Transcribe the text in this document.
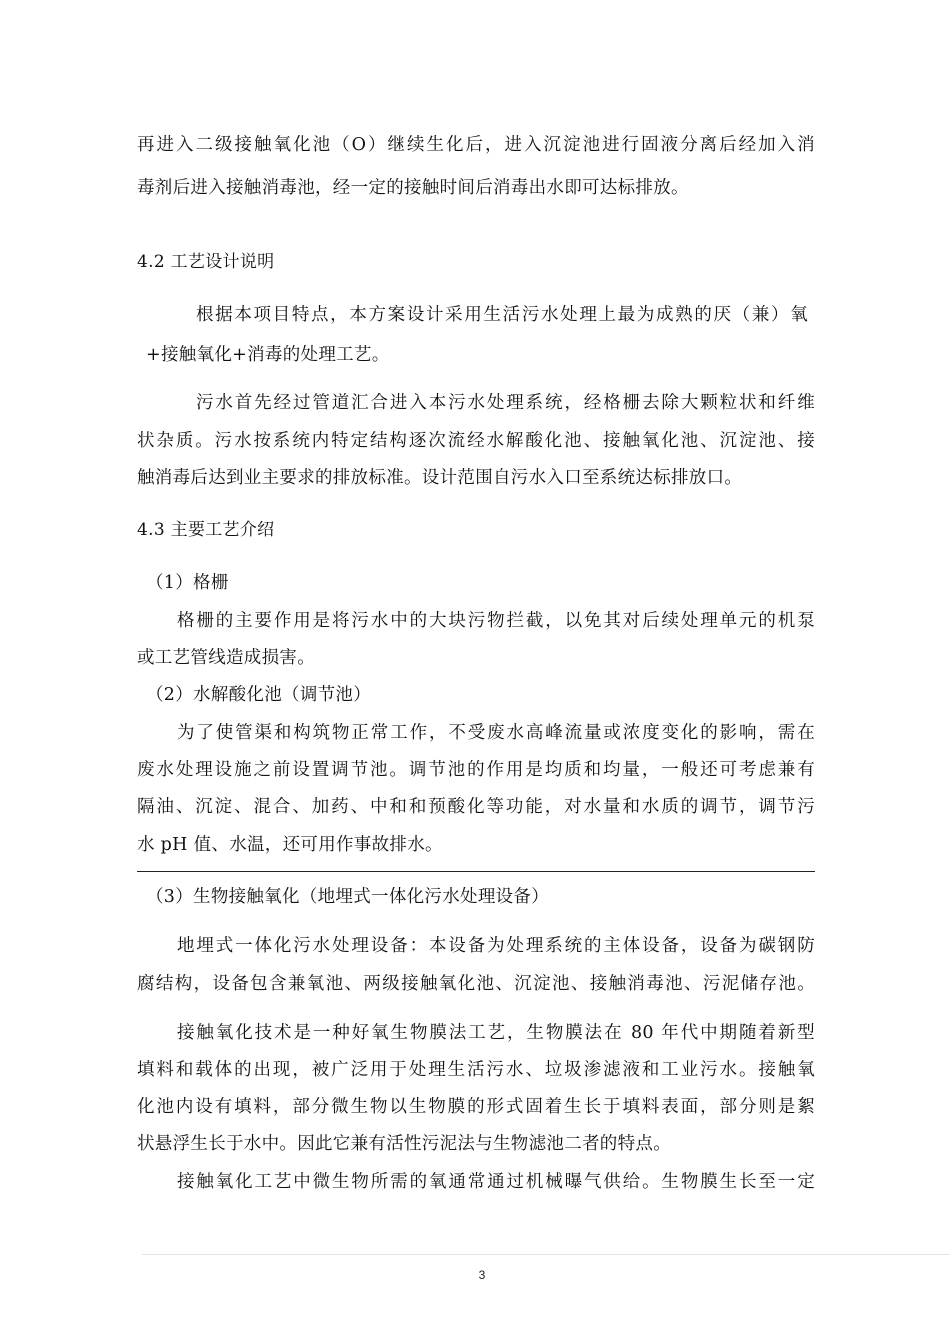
再进入二级接触氧化池（O）继续生化后，进入沉淀池进行固液分离后经加入消
毒剂后进入接触消毒池，经一定的接触时间后消毒出水即可达标排放。
4.2 工艺设计说明
根据本项目特点，本方案设计采用生活污水处理上最为成熟的厌（兼）氧
+接触氧化+消毒的处理工艺。
污水首先经过管道汇合进入本污水处理系统，经格栅去除大颗粒状和纤维
状杂质。污水按系统内特定结构逐次流经水解酸化池、接触氧化池、沉淀池、接
触消毒后达到业主要求的排放标准。设计范围自污水入口至系统达标排放口。
4.3 主要工艺介绍
（1）格栅
格栅的主要作用是将污水中的大块污物拦截，以免其对后续处理单元的机泵
或工艺管线造成损害。
（2）水解酸化池（调节池）
为了使管渠和构筑物正常工作，不受废水高峰流量或浓度变化的影响，需在
废水处理设施之前设置调节池。调节池的作用是均质和均量，一般还可考虑兼有
隔油、沉淀、混合、加药、中和和预酸化等功能，对水量和水质的调节，调节污
水 pH 值、水温，还可用作事故排水。
（3）生物接触氧化（地埋式一体化污水处理设备）
地埋式一体化污水处理设备：本设备为处理系统的主体设备，设备为碳钢防
腐结构，设备包含兼氧池、两级接触氧化池、沉淀池、接触消毒池、污泥储存池。
接触氧化技术是一种好氧生物膜法工艺，生物膜法在 80 年代中期随着新型
填料和载体的出现，被广泛用于处理生活污水、垃圾渗滤液和工业污水。接触氧
化池内设有填料，部分微生物以生物膜的形式固着生长于填料表面，部分则是絮
状悬浮生长于水中。因此它兼有活性污泥法与生物滤池二者的特点。
接触氧化工艺中微生物所需的氧通常通过机械曝气供给。生物膜生长至一定
3
